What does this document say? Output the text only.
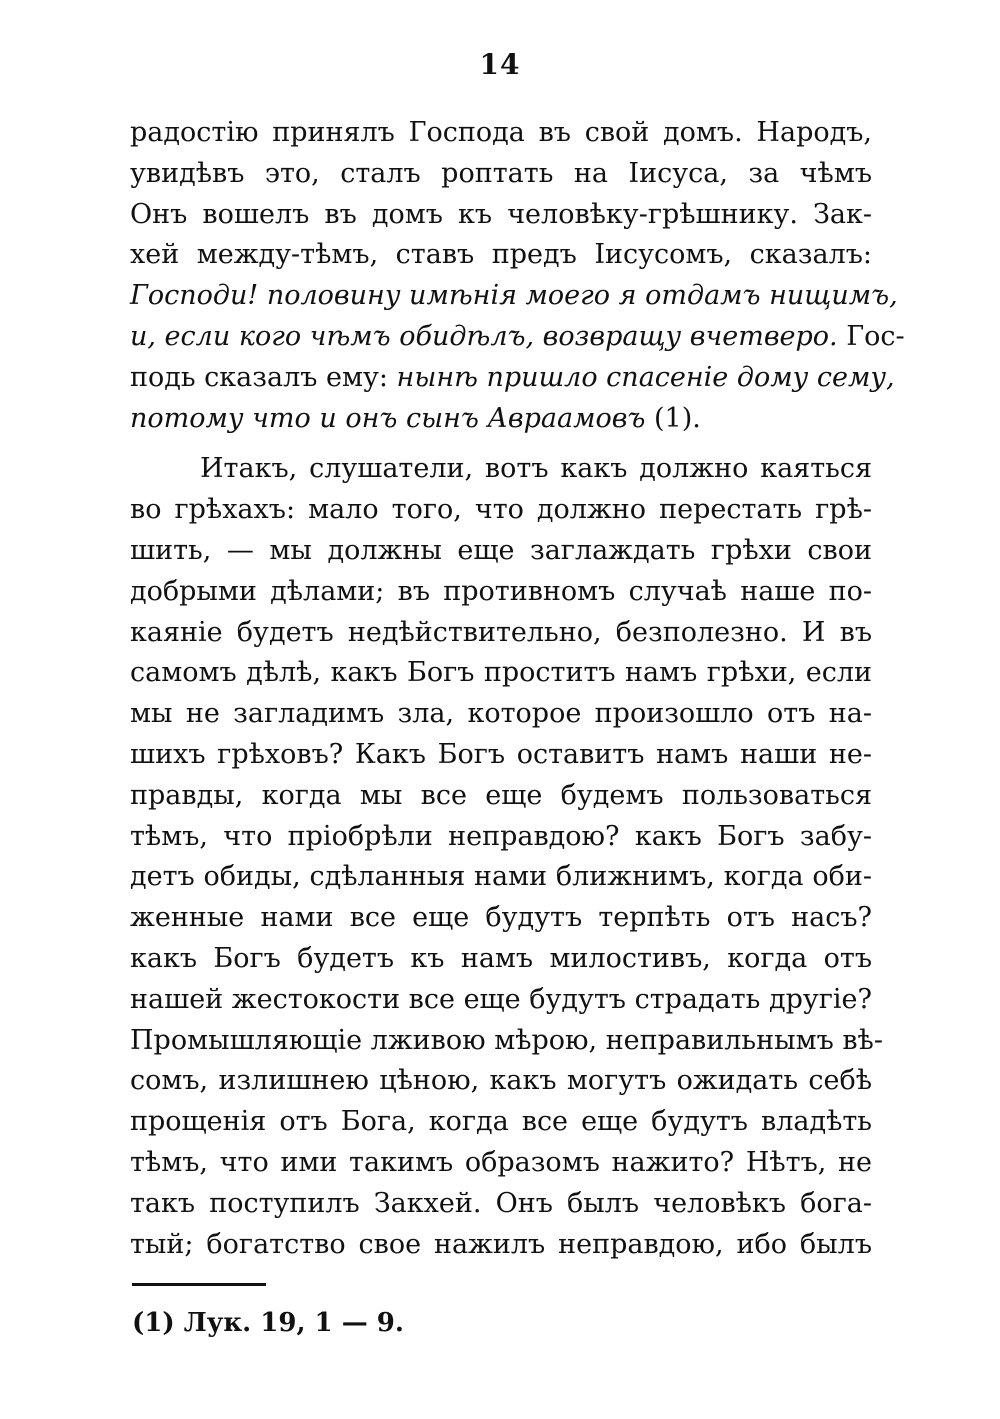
14
радостію принялъ Господа въ свой домъ. Народъ,
увидѣвъ это, сталъ роптать на Іисуса, за чѣмъ
Онъ вошелъ въ домъ къ человѣку-грѣшнику. Зак-
хей между-тѣмъ, ставъ предъ Іисусомъ, сказалъ:
Господи! половину имѣнія моего я отдамъ нищимъ,
и, если кого чѣмъ обидѣлъ, возвращу вчетверо. Гос-
подь сказалъ ему: нынѣ пришло спасеніе дому сему,
потому что и онъ сынъ Авраамовъ (1).
Итакъ, слушатели, вотъ какъ должно каяться
во грѣхахъ: мало того, что должно перестать грѣ-
шить, — мы должны еще заглаждать грѣхи свои
добрыми дѣлами; въ противномъ случаѣ наше по-
каяніе будетъ недѣйствительно, безполезно. И въ
самомъ дѣлѣ, какъ Богъ проститъ намъ грѣхи, если
мы не загладимъ зла, которое произошло отъ на-
шихъ грѣховъ? Какъ Богъ оставитъ намъ наши не-
правды, когда мы все еще будемъ пользоваться
тѣмъ, что пріобрѣли неправдою? какъ Богъ забу-
детъ обиды, сдѣланныя нами ближнимъ, когда оби-
женные нами все еще будутъ терпѣть отъ насъ?
какъ Богъ будетъ къ намъ милостивъ, когда отъ
нашей жестокости все еще будутъ страдать другіе?
Промышляющіе лживою мѣрою, неправильнымъ вѣ-
сомъ, излишнею цѣною, какъ могутъ ожидать себѣ
прощенія отъ Бога, когда все еще будутъ владѣть
тѣмъ, что ими такимъ образомъ нажито? Нѣтъ, не
такъ поступилъ Закхей. Онъ былъ человѣкъ бога-
тый; богатство свое нажилъ неправдою, ибо былъ
(1) Лук. 19, 1 — 9.
